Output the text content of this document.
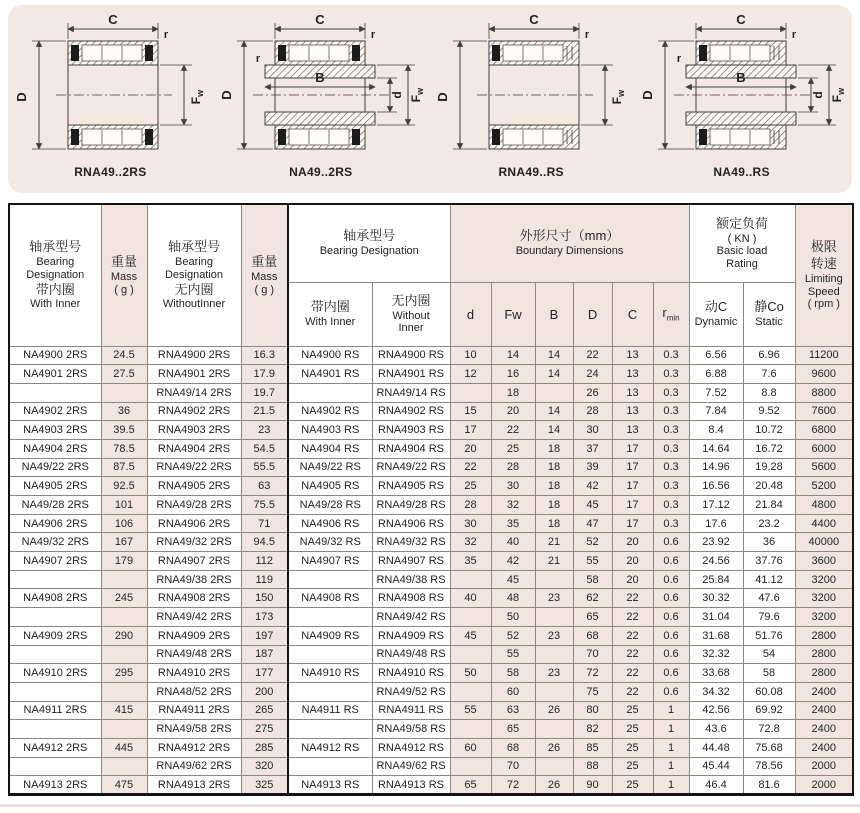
C
r
D	$F_w$
RNA49..2RS
C
r
r
B
D	d $F_w$
NA49..2RS
C
r
D	$F_w$
RNA49..RS
C
r
r
B
D	d $F_w$
NA49..RS
轴承型号
Bearing
Designation
带内圈
With Inner	重量
Mass
( g )	轴承型号
Bearing
Designation
无内圈
WithoutInner	重量
Mass
( g )	轴承型号
Bearing Designation		外形尺寸（mm）
Boundary Dimensions						额定负荷
( KN )
Basic load
Rating		极限
转速
Limiting
Speed
( rpm )

				带内圈
With Inner	无内圈
Without
Inner	d	Fw	B	D	C	$r_{min}$	动C
Dynamic	静Co
Static	

NA4900 2RS	24.5	RNA4900 2RS	16.3	NA4900 RS	RNA4900 RS	10	14	14	22	13	0.3	6.56	6.96	11200
NA4901 2RS	27.5	RNA4901 2RS	17.9	NA4901 RS	RNA4901 RS	12	16	14	24	13	0.3	6.88	7.6	9600
		RNA49/14 2RS	19.7		RNA49/14 RS		18		26	13	0.3	7.52	8.8	8800
NA4902 2RS	36	RNA4902 2RS	21.5	NA4902 RS	RNA4902 RS	15	20	14	28	13	0.3	7.84	9.52	7600
NA4903 2RS	39.5	RNA4903 2RS	23	NA4903 RS	RNA4903 RS	17	22	14	30	13	0.3	8.4	10.72	6800
NA4904 2RS	78.5	RNA4904 2RS	54.5	NA4904 RS	RNA4904 RS	20	25	18	37	17	0.3	14.64	16.72	6000
NA49/22 2RS	87.5	RNA49/22 2RS	55.5	NA49/22 RS	RNA49/22 RS	22	28	18	39	17	0.3	14.96	19.28	5600
NA4905 2RS	92.5	RNA4905 2RS	63	NA4905 RS	RNA4905 RS	25	30	18	42	17	0.3	16.56	20.48	5200
NA49/28 2RS	101	RNA49/28 2RS	75.5	NA49/28 RS	RNA49/28 RS	28	32	18	45	17	0.3	17.12	21.84	4800
NA4906 2RS	106	RNA4906 2RS	71	NA4906 RS	RNA4906 RS	30	35	18	47	17	0.3	17.6	23.2	4400
NA49/32 2RS	167	RNA49/32 2RS	94.5	NA49/32 RS	RNA49/32 RS	32	40	21	52	20	0.6	23.92	36	40000
NA4907 2RS	179	RNA4907 2RS	112	NA4907 RS	RNA4907 RS	35	42	21	55	20	0.6	24.56	37.76	3600
		RNA49/38 2RS	119		RNA49/38 RS		45		58	20	0.6	25.84	41.12	3200
NA4908 2RS	245	RNA4908 2RS	150	NA4908 RS	RNA4908 RS	40	48	23	62	22	0.6	30.32	47.6	3200
		RNA49/42 2RS	173		RNA49/42 RS		50		65	22	0.6	31.04	79.6	3200
NA4909 2RS	290	RNA4909 2RS	197	NA4909 RS	RNA4909 RS	45	52	23	68	22	0.6	31.68	51.76	2800
		RNA49/48 2RS	187		RNA49/48 RS		55		70	22	0.6	32.32	54	2800
NA4910 2RS	295	RNA4910 2RS	177	NA4910 RS	RNA4910 RS	50	58	23	72	22	0.6	33.68	58	2800
		RNA48/52 2RS	200		RNA49/52 RS		60		75	22	0.6	34.32	60.08	2400
NA4911 2RS	415	RNA4911 2RS	265	NA4911 RS	RNA4911 RS	55	63	26	80	25	1	42.56	69.92	2400
		RNA49/58 2RS	275		RNA49/58 RS		65		82	25	1	43.6	72.8	2400
NA4912 2RS	445	RNA4912 2RS	285	NA4912 RS	RNA4912 RS	60	68	26	85	25	1	44.48	75.68	2400
		RNA49/62 2RS	320		RNA49/62 RS		70		88	25	1	45.44	78.56	2000
NA4913 2RS	475	RNA4913 2RS	325	NA4913 RS	RNA4913 RS	65	72	26	90	25	1	46.4	81.6	2000
